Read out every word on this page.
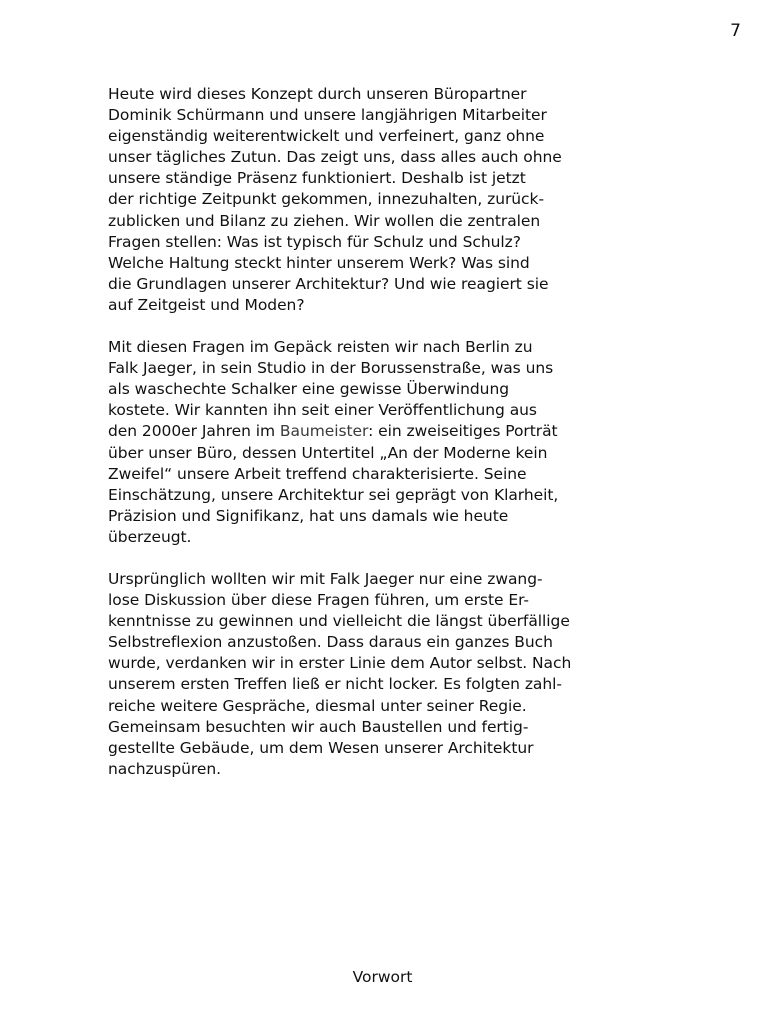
7

Heute wird dieses Konzept durch unseren Büropartner
Dominik Schürmann und unsere langjährigen Mitarbeiter
eigenständig weiterentwickelt und verfeinert, ganz ohne
unser tägliches Zutun. Das zeigt uns, dass alles auch ohne
unsere ständige Präsenz funktioniert. Deshalb ist jetzt
der richtige Zeitpunkt gekommen, innezuhalten, zurück-
zublicken und Bilanz zu ziehen. Wir wollen die zentralen
Fragen stellen: Was ist typisch für Schulz und Schulz?
Welche Haltung steckt hinter unserem Werk? Was sind
die Grundlagen unserer Architektur? Und wie reagiert sie
auf Zeitgeist und Moden?

Mit diesen Fragen im Gepäck reisten wir nach Berlin zu
Falk Jaeger, in sein Studio in der Borussenstraße, was uns
als waschechte Schalker eine gewisse Überwindung
kostete. Wir kannten ihn seit einer Veröffentlichung aus
den 2000er Jahren im Baumeister: ein zweiseitiges Porträt
über unser Büro, dessen Untertitel „An der Moderne kein
Zweifel“ unsere Arbeit treffend charakterisierte. Seine
Einschätzung, unsere Architektur sei geprägt von Klarheit,
Präzision und Signifikanz, hat uns damals wie heute
überzeugt.

Ursprünglich wollten wir mit Falk Jaeger nur eine zwang-
lose Diskussion über diese Fragen führen, um erste Er-
kenntnisse zu gewinnen und vielleicht die längst überfällige
Selbstreflexion anzustoßen. Dass daraus ein ganzes Buch
wurde, verdanken wir in erster Linie dem Autor selbst. Nach
unserem ersten Treffen ließ er nicht locker. Es folgten zahl-
reiche weitere Gespräche, diesmal unter seiner Regie.
Gemeinsam besuchten wir auch Baustellen und fertig-
gestellte Gebäude, um dem Wesen unserer Architektur
nachzuspüren.

Vorwort
